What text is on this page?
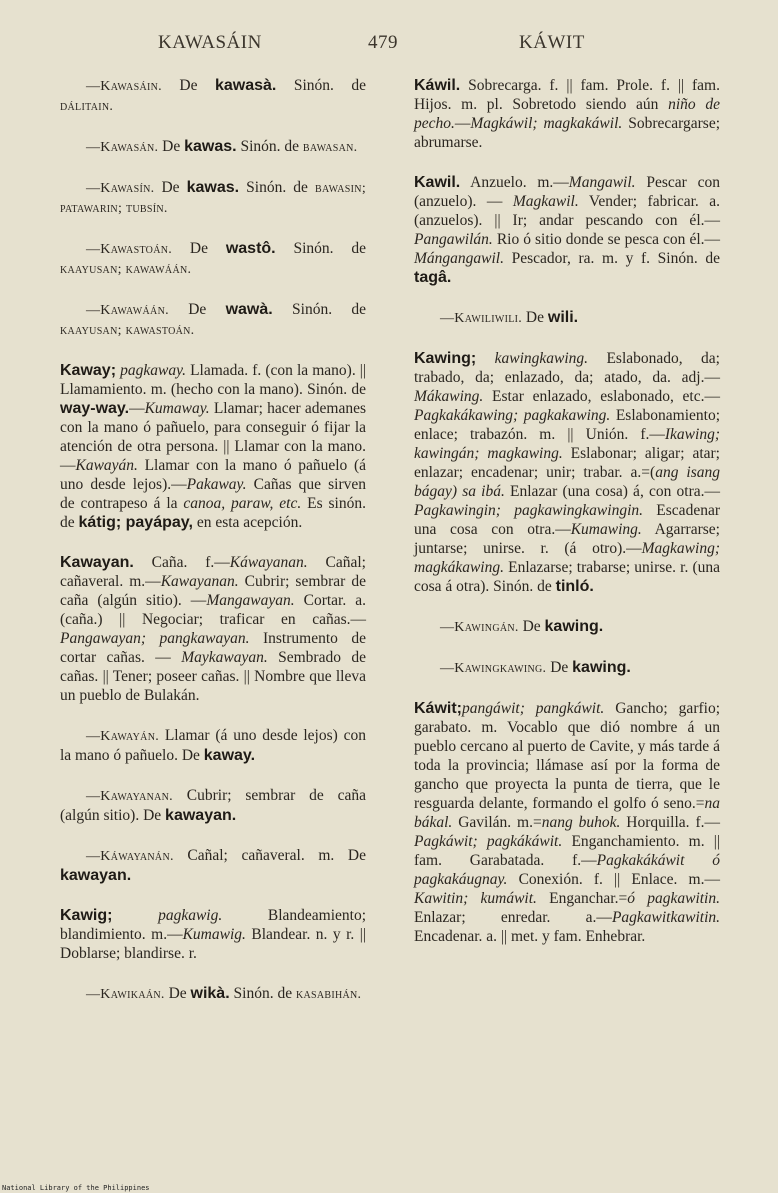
KAWASÁIN	479	KÁWIT

—Kawasáin. De kawasà. Sinón. de dálitain.

—Kawasán. De kawas. Sinón. de bawasan.

—Kawasín. De kawas. Sinón. de bawasin; patawarin; tubsín.

—Kawastoán. De wastô. Sinón. de kaayusan; kawawáán.

—Kawawáán. De wawà. Sinón. de kaayusan; kawastoán.

Kaway; pagkaway. Llamada. f. (con la mano). || Llamamiento. m. (hecho con la mano). Sinón. de way-way.—Kumaway. Llamar; hacer ademanes con la mano ó pañuelo, para conseguir ó fijar la atención de otra persona. || Llamar con la mano. —Kawayán. Llamar con la mano ó pañuelo (á uno desde lejos).—Pakaway. Cañas que sirven de contrapeso á la canoa, paraw, etc. Es sinón. de kátig; payápay, en esta acepción.

Kawayan. Caña. f.—Káwayanan. Cañal; cañaveral. m.—Kawayanan. Cubrir; sembrar de caña (algún sitio). —Mangawayan. Cortar. a. (caña.) || Negociar; traficar en cañas.—Pangawayan; pangkawayan. Instrumento de cortar cañas. — Maykawayan. Sembrado de cañas. || Tener; poseer cañas. || Nombre que lleva un pueblo de Bulakán.

—Kawayán. Llamar (á uno desde lejos) con la mano ó pañuelo. De kaway.

—Kawayanan. Cubrir; sembrar de caña (algún sitio). De kawayan.

—Káwayanán. Cañal; cañaveral. m. De kawayan.

Kawig; pagkawig. Blandeamiento; blandimiento. m.—Kumawig. Blandear. n. y r. || Doblarse; blandirse. r.

—Kawikaán. De wikà. Sinón. de kasabihán.

Káwil. Sobrecarga. f. || fam. Prole. f. || fam. Hijos. m. pl. Sobretodo siendo aún niño de pecho.—Magkáwil; magkakáwil. Sobrecargarse; abrumarse.

Kawil. Anzuelo. m.—Mangawil. Pescar con (anzuelo). — Magkawil. Vender; fabricar. a. (anzuelos). || Ir; andar pescando con él.—Pangawilán. Rio ó sitio donde se pesca con él.— Mángangawil. Pescador, ra. m. y f. Sinón. de tagâ.

—Kawiliwili. De wili.

Kawing; kawingkawing. Eslabonado, da; trabado, da; enlazado, da; atado, da. adj.—Mákawing. Estar enlazado, eslabonado, etc.—Pagkakákawing; pagkakawing. Eslabonamiento; enlace; trabazón. m. || Unión. f.—Ikawing; kawingán; magkawing. Eslabonar; aligar; atar; enlazar; encadenar; unir; trabar. a.=(ang isang bágay) sa ibá. Enlazar (una cosa) á, con otra.—Pagkawingin; pagkawingkawingin. Escadenar una cosa con otra.—Kumawing. Agarrarse; juntarse; unirse. r. (á otro).—Magkawing; magkákawing. Enlazarse; trabarse; unirse. r. (una cosa á otra). Sinón. de tinló.

—Kawingán. De kawing.

—Kawingkawing. De kawing.

Káwit;pangáwit; pangkáwit. Gancho; garfio; garabato. m. Vocablo que dió nombre á un pueblo cercano al puerto de Cavite, y más tarde á toda la provincia; llámase así por la forma de gancho que proyecta la punta de tierra, que le resguarda delante, formando el golfo ó seno.=na bákal. Gavilán. m.=nang buhok. Horquilla. f.—Pagkáwit; pagkákáwit. Enganchamiento. m. || fam. Garabatada. f.—Pagkakákáwit ó pagkakáugnay. Conexión. f. || Enlace. m.—Kawitin; kumáwit. Enganchar.=ó pagkawitin. Enlazar; enredar. a.—Pagkawitkawitin. Encadenar. a. || met. y fam. Enhebrar.

National Library of the Philippines
